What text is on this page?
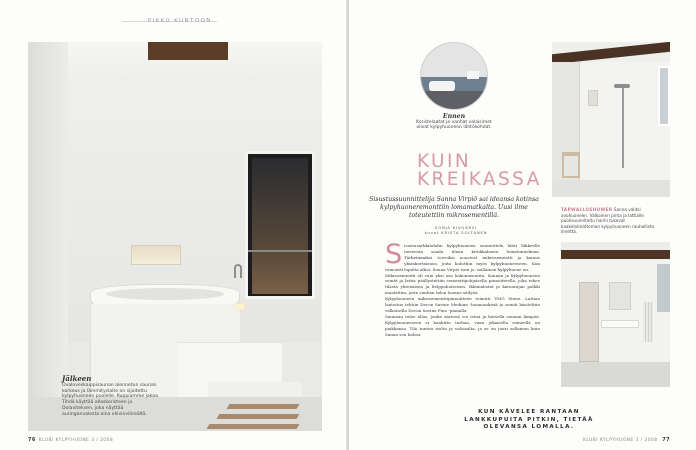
PIKKU KUNTOON
Jälkeen
Ovaloveskaippisaunan alennetun saunan korkeus ja lämmityslaite on sijoitettu kylpyhuoneen puolelle. Kuppiamme jakaa Tihdä käyttää allaskoristeen ja Dolaviteksen, joka näyttää auringonvalosta aina oliivinvihreältä.
76 KLUBI KYLPYHUONE 3 / 2008
Ennen
Koristelaatat ja vanhat valaisimet olivat kylpyhuoneen lähtökohdat.
KUIN
KREIKASSA
Sisustussuunnittelija Sanna Virpiö sai ideansa kotinsa kylpyhuoneremonttiin lomamatkalta. Uusi ilme toteutettiin mikrosementillä.
SONJA KIVIJÄRVI
kuvat KRISTA SOLTANEN

Sisustusarkkitehdin kylpyhuoneen suunnittelu lähti liikkeelle toiveesta saada tilaan kreikkalaista lomatunnelmaa. Tärkeimmiksi toiveiksi nousivat mikrosementti ja kaunis yksinkertaisuus, joita haluttiin myös kylpyhuoneeseen. Kun remontti lopulta alkoi, Sanna Virpiö tiesi jo, millainen kylpyhuone on.

Mikrosementti oli vain yksi osa kokonaisuutta. Saunan ja kylpyhuoneen seinät ja lattia päällystettiin sementtipohjaisella pinnoitteella, joka tekee tilasta yhtenäisen ja helppohoitoisen. Ikkunalistat ja katonrajan palkki maalattiin, jotta vanhan talon luonne säilyisi.

Kylpyhuoneen mikrosementtipinnoitteen toimitti VMG Stone. Lattian laatoitus tehtiin Decon Savine Medium -luonnonkiviä ja seinät käsiteltiin valkoisella Decon Savine Fine -pinnalla.

Saunaan tulee allas, jonka ääressä voi istua ja katsella saunan lämpöä. Kylpyhuoneeseen ei hankittu turhaa, vaan jokaisella esineellä on paikkansa. Tila tuntuu isolta ja valoisalta, ja se on juuri sellainen kuin Sanna sen halusi.

TAPWALLUSHOWER Sanna valitsi avohuoneen. Valkoinen pinta ja lattialle puolisuunniteltu hanhi tukevat kaakeloimattoman kylpyhuoneen rauhallista ilmettä.
KUN KÄVELEE RANTAAN LANKKUPUITA PITKIN, TIETÄÄ OLEVANSA LOMALLA.
KLUBI KYLPYHUONE 3 / 2008 77
